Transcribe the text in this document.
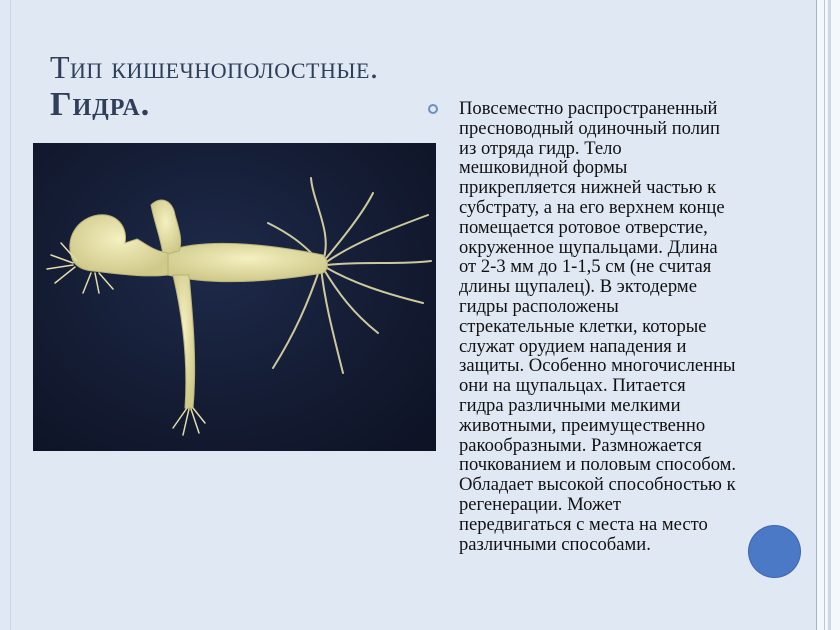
Тип кишечнополостные.
Гидра.	Повсеместно распространенный
пресноводный одиночный полип
из отряда гидр. Тело
мешковидной формы
прикрепляется нижней частью к
субстрату, а на его верхнем конце
помещается ротовое отверстие,
окруженное щупальцами. Длина
от 2-3 мм до 1-1,5 см (не считая
длины щупалец). В эктодерме
гидры расположены
стрекательные клетки, которые
служат орудием нападения и
защиты. Особенно многочисленны
они на щупальцах. Питается
гидра различными мелкими
животными, преимущественно
ракообразными. Размножается
почкованием и половым способом.
Обладает высокой способностью к
регенерации. Может
передвигаться с места на место
различными способами.
